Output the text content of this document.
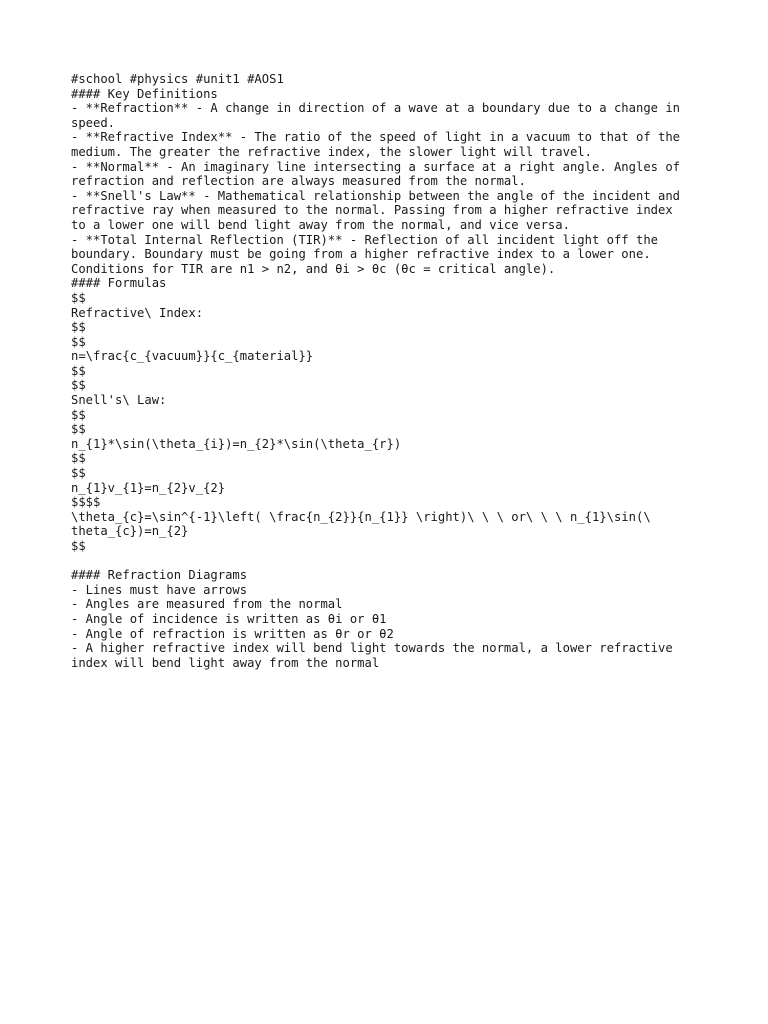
#school #physics #unit1 #AOS1
#### Key Definitions
- **Refraction** - A change in direction of a wave at a boundary due to a change in
speed.
- **Refractive Index** - The ratio of the speed of light in a vacuum to that of the
medium. The greater the refractive index, the slower light will travel.
- **Normal** - An imaginary line intersecting a surface at a right angle. Angles of
refraction and reflection are always measured from the normal.
- **Snell's Law** - Mathematical relationship between the angle of the incident and
refractive ray when measured to the normal. Passing from a higher refractive index
to a lower one will bend light away from the normal, and vice versa.
- **Total Internal Reflection (TIR)** - Reflection of all incident light off the
boundary. Boundary must be going from a higher refractive index to a lower one.
Conditions for TIR are n1 > n2, and θi > θc (θc = critical angle).
#### Formulas
$$
Refractive\ Index:
$$
$$
n=\frac{c_{vacuum}}{c_{material}}
$$
$$
Snell's\ Law:
$$
$$
n_{1}*\sin(\theta_{i})=n_{2}*\sin(\theta_{r})
$$
$$
n_{1}v_{1}=n_{2}v_{2}
$$$$
\theta_{c}=\sin^{-1}\left( \frac{n_{2}}{n_{1}} \right)\ \ \ or\ \ \ n_{1}\sin(\
theta_{c})=n_{2}
$$
#### Refraction Diagrams
- Lines must have arrows
- Angles are measured from the normal
- Angle of incidence is written as θi or θ1
- Angle of refraction is written as θr or θ2
- A higher refractive index will bend light towards the normal, a lower refractive
index will bend light away from the normal
